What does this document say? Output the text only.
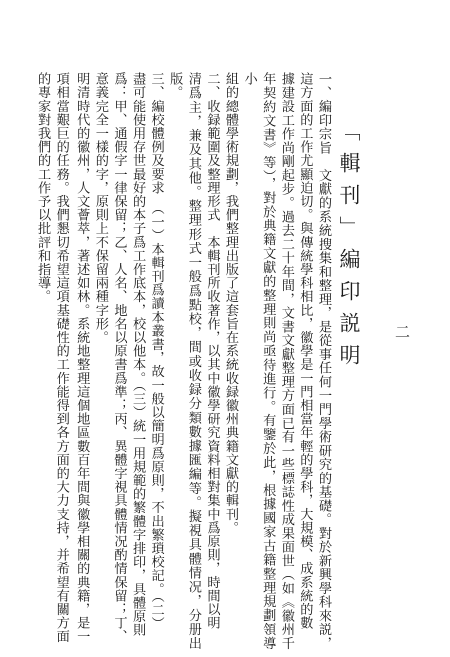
「輯刊」編印説明
一、編印宗旨　文獻的系統搜集和整理，是從事任何一門學術研究的基礎。對於新興學科來説，這方面的工作尤顯迫切。與傳統學科相比，徽學是一門相當年輕的學科，大規模、成系統的數
據建設工作尚剛起步。過去二十年間，文書文獻整理方面已有一些標誌性成果面世（如《徽州千年契約文書》等），對於典籍文獻的整理則尚亟待進行。有鑒於此，根據國家古籍整理規劃領導小
組的總體學術規劃，我們整理出版了這套旨在系統收録徽州典籍文獻的輯刊。
二、收録範圍及整理形式　本輯刊所收著作，以其中徽學研究資料相對集中爲原則，時間以明
清爲主，兼及其他。整理形式一般爲點校，間或收録分類數據匯編等。擬視具體情况，分册出版。
三、編校體例及要求　（一）本輯刊爲讀本叢書，故一般以簡明爲原則，不出繁瑣校記。（二）
盡可能使用存世最好的本子爲工作底本，校以他本。（三）統一用規範的繁體字排印，具體原則
爲：甲、通假字一律保留；乙、人名、地名以原書爲準；丙、異體字視具體情况酌情保留；丁、
意義完全一樣的字，原則上不保留兩種字形。
明清時代的徽州，人文薈萃，著述如林。系統地整理這個地區數百年間與徽學相關的典籍，是一
項相當艱巨的任務。我們懇切希望這項基礎性的工作能得到各方面的大力支持，并希望有關方面
的專家對我們的工作予以批評和指導。
二
